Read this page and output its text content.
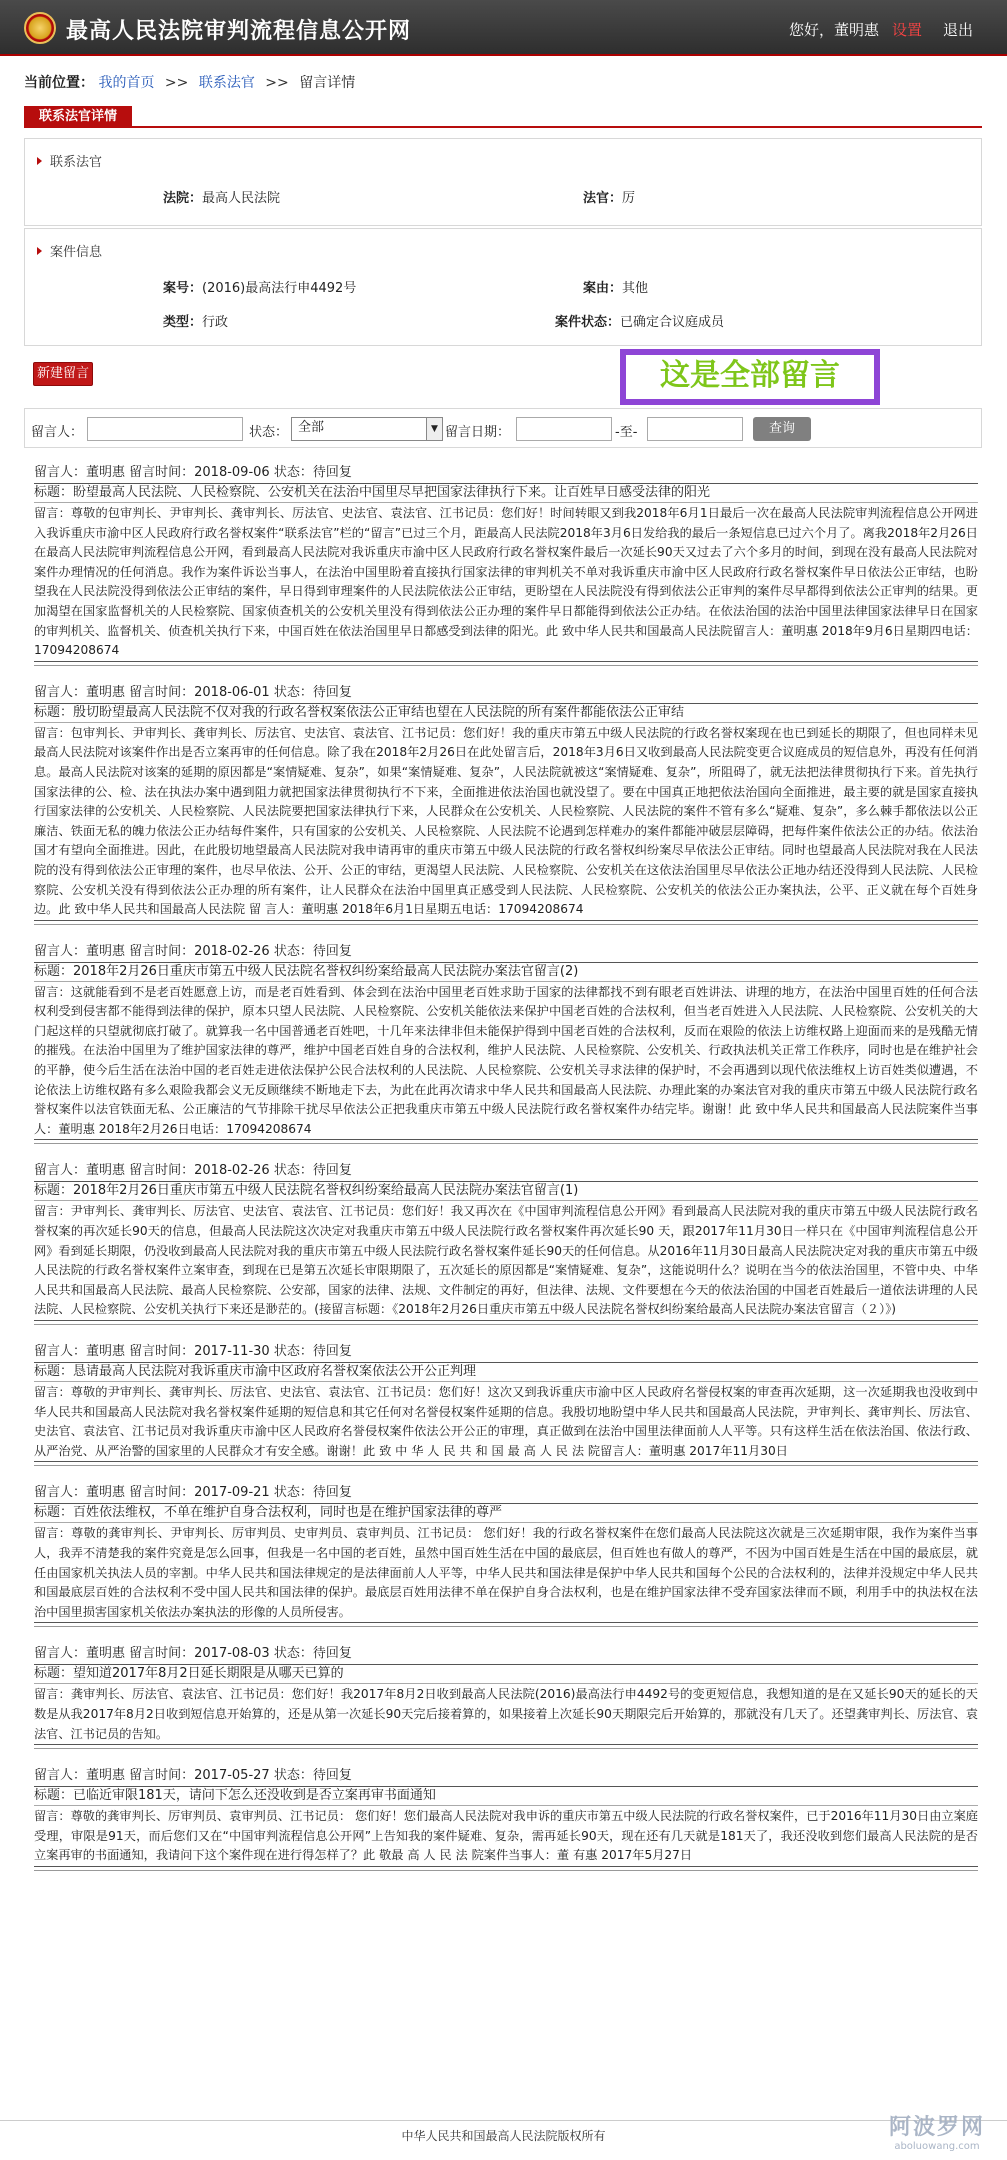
最高人民法院审判流程信息公开网	您好，董明惠 设置 退出
当前位置： 我的首页 >> 联系法官 >> 留言详情
联系法官详情
联系法官
法院：最高人民法院	法官：厉
案件信息
案号：(2016)最高法行申4492号	案由：其他
类型：行政	案件状态：已确定合议庭成员
新建留言	这是全部留言
留言人：	状态： 全部	▼ 留言日期：	-至-	查询
留言人：董明惠 留言时间：2018-09-06 状态：待回复
标题：盼望最高人民法院、人民检察院、公安机关在法治中国里尽早把国家法律执行下来。让百姓早日感受法律的阳光
留言：尊敬的包审判长、尹审判长、龚审判长、厉法官、史法官、袁法官、江书记员：您们好！时间转眼又到我2018年6月1日最后一次在最高人民法院审判流程信息公开网进入我诉重庆市渝中区人民政府行政名誉权案件“联系法官”栏的“留言”已过三个月，距最高人民法院2018年3月6日发给我的最后一条短信息已过六个月了。离我2018年2月26日在最高人民法院审判流程信息公开网，看到最高人民法院对我诉重庆市渝中区人民政府行政名誉权案件最后一次延长90天又过去了六个多月的时间，到现在没有最高人民法院对案件办理情况的任何消息。我作为案件诉讼当事人，在法治中国里盼着直接执行国家法律的审判机关不单对我诉重庆市渝中区人民政府行政名誉权案件早日依法公正审结，也盼望我在人民法院没得到依法公正审结的案件，早日得到审理案件的人民法院依法公正审结，更盼望在人民法院没有得到依法公正审判的案件尽早都得到依法公正审判的结果。更加渴望在国家监督机关的人民检察院、国家侦查机关的公安机关里没有得到依法公正办理的案件早日都能得到依法公正办结。在依法治国的法治中国里法律国家法律早日在国家的审判机关、监督机关、侦查机关执行下来，中国百姓在依法治国里早日都感受到法律的阳光。此 致中华人民共和国最高人民法院留言人：董明惠 2018年9月6日星期四电话：17094208674
留言人：董明惠 留言时间：2018-06-01 状态：待回复
标题：殷切盼望最高人民法院不仅对我的行政名誉权案依法公正审结也望在人民法院的所有案件都能依法公正审结
留言：包审判长、尹审判长、龚审判长、厉法官、史法官、袁法官、江书记员：您们好！我的重庆市第五中级人民法院的行政名誉权案现在也已到延长的期限了，但也同样未见最高人民法院对该案件作出是否立案再审的任何信息。除了我在2018年2月26日在此处留言后，2018年3月6日又收到最高人民法院变更合议庭成员的短信息外，再没有任何消息。最高人民法院对该案的延期的原因都是“案情疑难、复杂”，如果“案情疑难、复杂”，人民法院就被这“案情疑难、复杂”，所阻碍了，就无法把法律贯彻执行下来。首先执行国家法律的公、检、法在执法办案中遇到阻力就把国家法律贯彻执行不下来，全面推进依法治国也就没望了。要在中国真正地把依法治国向全面推进，最主要的就是国家直接执行国家法律的公安机关、人民检察院、人民法院要把国家法律执行下来，人民群众在公安机关、人民检察院、人民法院的案件不管有多么“疑难、复杂”，多么棘手都依法以公正廉洁、铁面无私的魄力依法公正办结每件案件，只有国家的公安机关、人民检察院、人民法院不论遇到怎样难办的案件都能冲破层层障碍，把每件案件依法公正的办结。依法治国才有望向全面推进。因此，在此殷切地望最高人民法院对我申请再审的重庆市第五中级人民法院的行政名誉权纠纷案尽早依法公正审结。同时也望最高人民法院对我在人民法院的没有得到依法公正审理的案件，也尽早依法、公开、公正的审结，更渴望人民法院、人民检察院、公安机关在这依法治国里尽早依法公正地办结还没得到人民法院、人民检察院、公安机关没有得到依法公正办理的所有案件，让人民群众在法治中国里真正感受到人民法院、人民检察院、公安机关的依法公正办案执法，公平、正义就在每个百姓身边。此 致中华人民共和国最高人民法院 留 言人：董明惠 2018年6月1日星期五电话：17094208674
留言人：董明惠 留言时间：2018-02-26 状态：待回复
标题：2018年2月26日重庆市第五中级人民法院名誉权纠纷案给最高人民法院办案法官留言(2)
留言：这就能看到不是老百姓愿意上访，而是老百姓看到、体会到在法治中国里老百姓求助于国家的法律都找不到有眼老百姓讲法、讲理的地方，在法治中国里百姓的任何合法权利受到侵害都不能得到法律的保护，原本只望人民法院、人民检察院、公安机关能依法来保护中国老百姓的合法权利，但当老百姓进入人民法院、人民检察院、公安机关的大门起这样的只望就彻底打破了。就算我一名中国普通老百姓吧，十几年来法律非但未能保护得到中国老百姓的合法权利，反而在艰险的依法上访维权路上迎面而来的是残酷无情的摧残。在法治中国里为了维护国家法律的尊严，维护中国老百姓自身的合法权利，维护人民法院、人民检察院、公安机关、行政执法机关正常工作秩序，同时也是在维护社会的平静，使今后生活在法治中国的老百姓走进依法保护公民合法权利的人民法院、人民检察院、公安机关寻求法律的保护时，不会再遇到以现代依法维权上访百姓类似遭遇，不论依法上访维权路有多么艰险我都会义无反顾继续不断地走下去，为此在此再次请求中华人民共和国最高人民法院、办理此案的办案法官对我的重庆市第五中级人民法院行政名誉权案件以法官铁面无私、公正廉洁的气节排除干扰尽早依法公正把我重庆市第五中级人民法院行政名誉权案件办结完毕。谢谢！此 致中华人民共和国最高人民法院案件当事人：董明惠 2018年2月26日电话：17094208674
留言人：董明惠 留言时间：2018-02-26 状态：待回复
标题：2018年2月26日重庆市第五中级人民法院名誉权纠纷案给最高人民法院办案法官留言(1)
留言：尹审判长、龚审判长、厉法官、史法官、袁法官、江书记员：您们好！我又再次在《中国审判流程信息公开网》看到最高人民法院对我的重庆市第五中级人民法院行政名誉权案的再次延长90天的信息，但最高人民法院这次决定对我重庆市第五中级人民法院行政名誉权案件再次延长90 天，跟2017年11月30日一样只在《中国审判流程信息公开网》看到延长期限，仍没收到最高人民法院对我的重庆市第五中级人民法院行政名誉权案件延长90天的任何信息。从2016年11月30日最高人民法院决定对我的重庆市第五中级人民法院的行政名誉权案件立案审查，到现在已是第五次延长审限期限了，五次延长的原因都是“案情疑难、复杂”，这能说明什么？说明在当今的依法治国里，不管中央、中华人民共和国最高人民法院、最高人民检察院、公安部，国家的法律、法规、文件制定的再好，但法律、法规、文件要想在今天的依法治国的中国老百姓最后一道依法讲理的人民法院、人民检察院、公安机关执行下来还是渺茫的。(接留言标题：《2018年2月26日重庆市第五中级人民法院名誉权纠纷案给最高人民法院办案法官留言（２）》)
留言人：董明惠 留言时间：2017-11-30 状态：待回复
标题：恳请最高人民法院对我诉重庆市渝中区政府名誉权案依法公开公正判理
留言：尊敬的尹审判长、龚审判长、厉法官、史法官、袁法官、江书记员：您们好！这次又到我诉重庆市渝中区人民政府名誉侵权案的审查再次延期，这一次延期我也没收到中华人民共和国最高人民法院对我名誉权案件延期的短信息和其它任何对名誉侵权案件延期的信息。我殷切地盼望中华人民共和国最高人民法院，尹审判长、龚审判长、厉法官、史法官、袁法官、江书记员对我诉重庆市渝中区人民政府名誉侵权案件依法公开公正的审理，真正做到在法治中国里法律面前人人平等。只有这样生活在依法治国、依法行政、从严治党、从严治警的国家里的人民群众才有安全感。谢谢！此 致 中 华 人 民 共 和 国 最 高 人 民 法 院留言人：董明惠 2017年11月30日
留言人：董明惠 留言时间：2017-09-21 状态：待回复
标题：百姓依法维权，不单在维护自身合法权利，同时也是在维护国家法律的尊严
留言：尊敬的龚审判长、尹审判长、厉审判员、史审判员、袁审判员、江书记员： 您们好！我的行政名誉权案件在您们最高人民法院这次就是三次延期审限，我作为案件当事人，我弄不清楚我的案件究竟是怎么回事，但我是一名中国的老百姓，虽然中国百姓生活在中国的最底层，但百姓也有做人的尊严，不因为中国百姓是生活在中国的最底层，就任由国家机关执法人员的宰割。中华人民共和国法律规定的是法律面前人人平等，中华人民共和国法律是保护中华人民共和国每个公民的合法权利的，法律并没规定中华人民共和国最底层百姓的合法权利不受中国人民共和国法律的保护。最底层百姓用法律不单在保护自身合法权利，也是在维护国家法律不受弃国家法律而不顾，利用手中的执法权在法治中国里损害国家机关依法办案执法的形像的人员所侵害。
留言人：董明惠 留言时间：2017-08-03 状态：待回复
标题：望知道2017年8月2日延长期限是从哪天已算的
留言：龚审判长、厉法官、袁法官、江书记员：您们好！我2017年8月2日收到最高人民法院(2016)最高法行申4492号的变更短信息，我想知道的是在又延长90天的延长的天数是从我2017年8月2日收到短信息开始算的，还是从第一次延长90天完后接着算的，如果接着上次延长90天期限完后开始算的，那就没有几天了。还望龚审判长、厉法官、袁法官、江书记员的告知。
留言人：董明惠 留言时间：2017-05-27 状态：待回复
标题：已临近审限181天，请问下怎么还没收到是否立案再审书面通知
留言：尊敬的龚审判长、厉审判员、袁审判员、江书记员： 您们好！您们最高人民法院对我申诉的重庆市第五中级人民法院的行政名誉权案件，已于2016年11月30日由立案庭受理，审限是91天，而后您们又在“中国审判流程信息公开网”上告知我的案件疑难、复杂，需再延长90天，现在还有几天就是181天了，我还没收到您们最高人民法院的是否立案再审的书面通知，我请问下这个案件现在进行得怎样了？此 敬最 高 人 民 法 院案件当事人：董 有惠 2017年5月27日
中华人民共和国最高人民法院版权所有	阿波罗网
aboluowang.com
